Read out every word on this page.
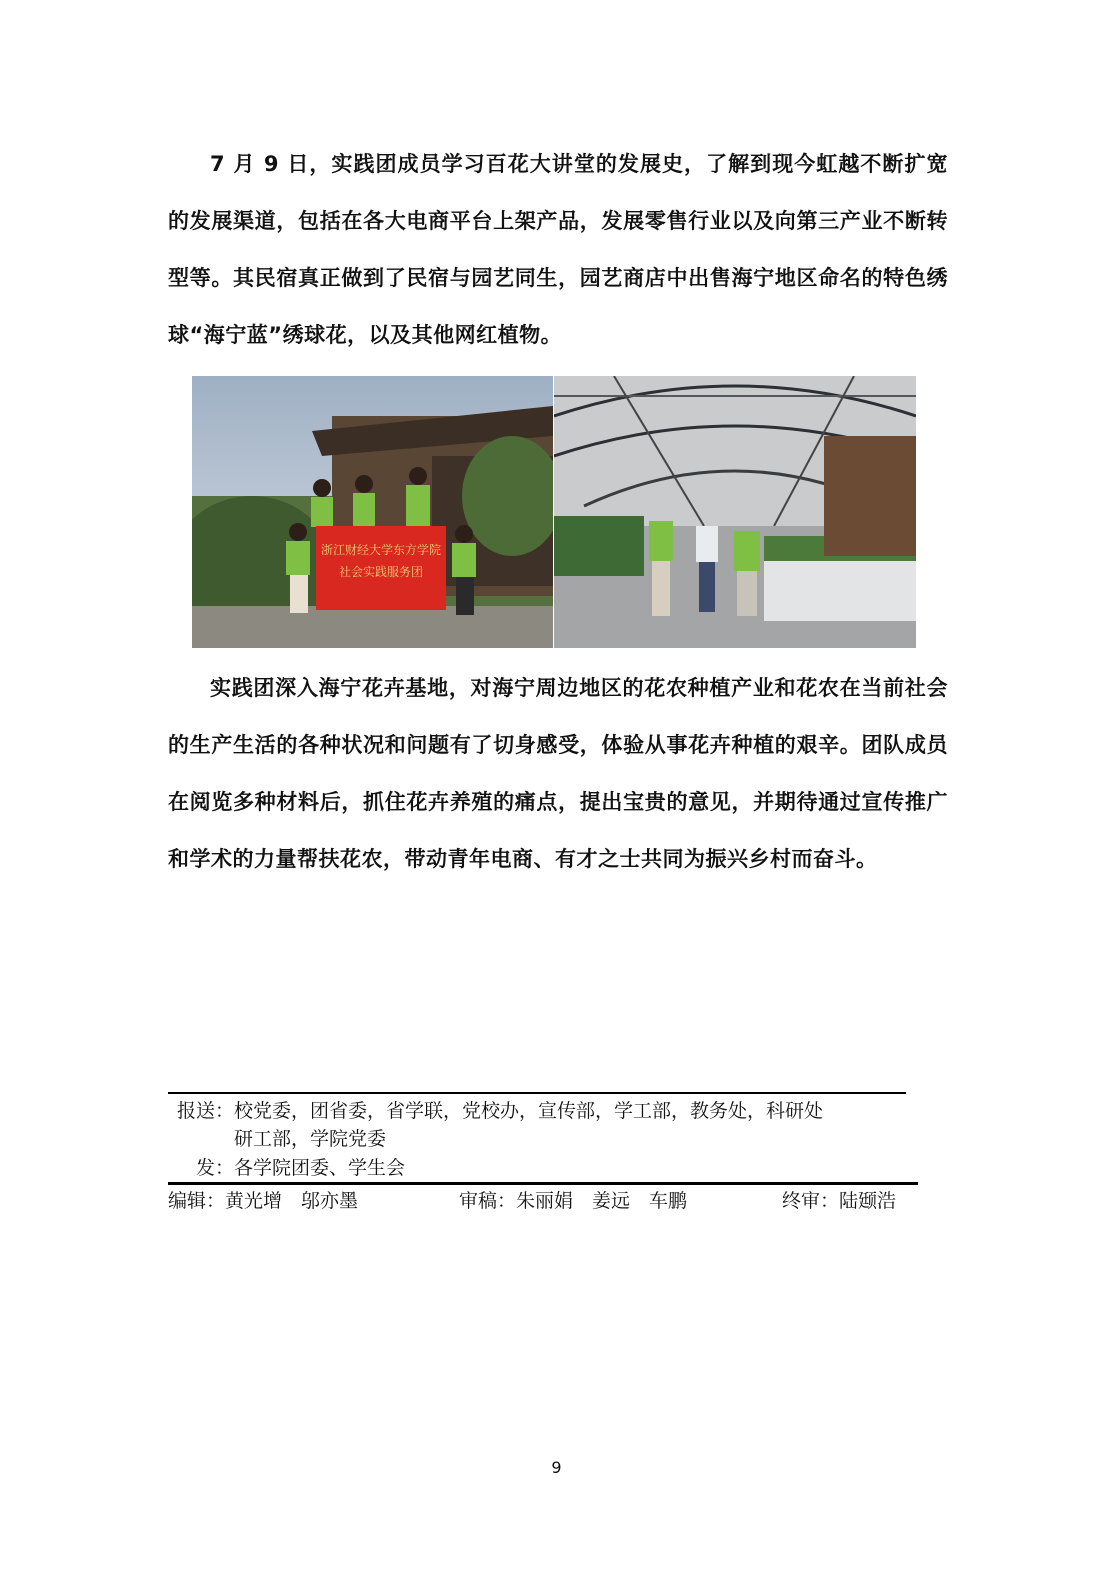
7 月 9 日，实践团成员学习百花大讲堂的发展史，了解到现今虹越不断扩宽的发展渠道，包括在各大电商平台上架产品，发展零售行业以及向第三产业不断转型等。其民宿真正做到了民宿与园艺同生，园艺商店中出售海宁地区命名的特色绣球“海宁蓝”绣球花，以及其他网红植物。

浙江财经大学东方学院
社会实践服务团

实践团深入海宁花卉基地，对海宁周边地区的花农种植产业和花农在当前社会的生产生活的各种状况和问题有了切身感受，体验从事花卉种植的艰辛。团队成员在阅览多种材料后，抓住花卉养殖的痛点，提出宝贵的意见，并期待通过宣传推广和学术的力量帮扶花农，带动青年电商、有才之士共同为振兴乡村而奋斗。

报送：校党委，团省委，省学联，党校办，宣传部，学工部，教务处，科研处
研工部，学院党委
发：各学院团委、学生会
编辑：黄光增　邬亦墨	审稿：朱丽娟　姜远　车鹏	终审：陆颋浩
9
